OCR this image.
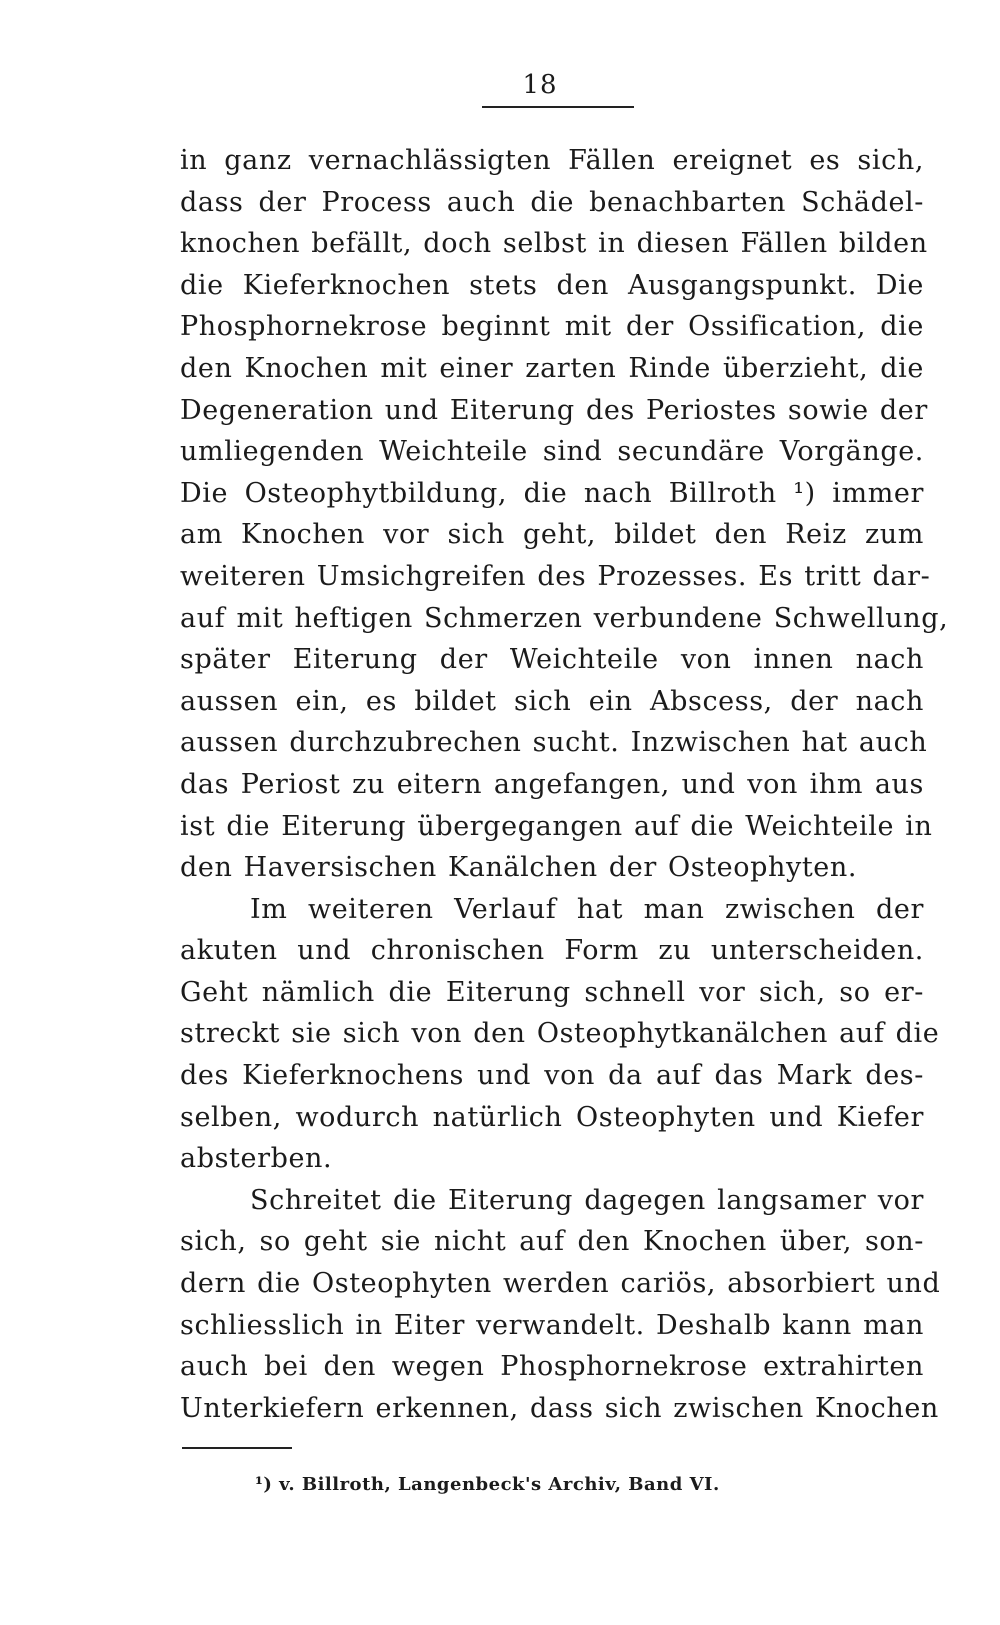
18
in ganz vernachlässigten Fällen ereignet es sich,
dass der Process auch die benachbarten Schädel-
knochen befällt, doch selbst in diesen Fällen bilden
die Kieferknochen stets den Ausgangspunkt. Die
Phosphornekrose beginnt mit der Ossification, die
den Knochen mit einer zarten Rinde überzieht, die
Degeneration und Eiterung des Periostes sowie der
umliegenden Weichteile sind secundäre Vorgänge.
Die Osteophytbildung, die nach Billroth ¹) immer
am Knochen vor sich geht, bildet den Reiz zum
weiteren Umsichgreifen des Prozesses. Es tritt dar-
auf mit heftigen Schmerzen verbundene Schwellung,
später Eiterung der Weichteile von innen nach
aussen ein, es bildet sich ein Abscess, der nach
aussen durchzubrechen sucht. Inzwischen hat auch
das Periost zu eitern angefangen, und von ihm aus
ist die Eiterung übergegangen auf die Weichteile in
den Haversischen Kanälchen der Osteophyten.
Im weiteren Verlauf hat man zwischen der
akuten und chronischen Form zu unterscheiden.
Geht nämlich die Eiterung schnell vor sich, so er-
streckt sie sich von den Osteophytkanälchen auf die
des Kieferknochens und von da auf das Mark des-
selben, wodurch natürlich Osteophyten und Kiefer
absterben.
Schreitet die Eiterung dagegen langsamer vor
sich, so geht sie nicht auf den Knochen über, son-
dern die Osteophyten werden cariös, absorbiert und
schliesslich in Eiter verwandelt. Deshalb kann man
auch bei den wegen Phosphornekrose extrahirten
Unterkiefern erkennen, dass sich zwischen Knochen
¹) v. Billroth, Langenbeck's Archiv, Band VI.
